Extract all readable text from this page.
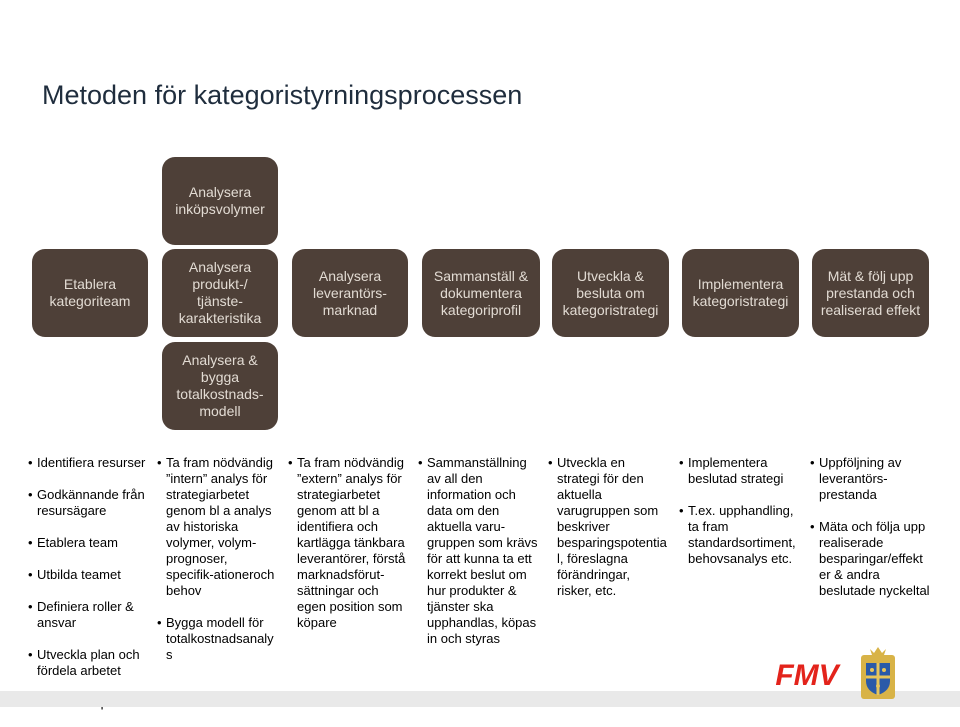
Metoden för kategoristyrningsprocessen
Analysera
inköpsvolymer
Etablera
kategoriteam
Analysera
produkt-/ tjänste-
karakteristika
Analysera
leverantörs-
marknad
Sammanställ &
dokumentera
kategoriprofil
Utveckla &
besluta om
kategoristrategi
Implementera
kategoristrategi
Mät & följ upp
prestanda och
realiserad effekt
Analysera &
bygga
totalkostnads-
modell

• Identifiera resurser

• Godkännande från
resursägare

• Etablera team

• Utbilda teamet

• Definiera roller &
ansvar

• Utveckla plan och
fördela arbetet

•

• Ta fram nödvändig
”intern” analys för
strategiarbetet
genom bl a analys
av historiska
volymer, volym-
prognoser,
specifik-ationeroch
behov

• Bygga modell för
totalkostnadsanaly
s

• Ta fram nödvändig
”extern” analys för
strategiarbetet
genom att bl a
identifiera och
kartlägga tänkbara
leverantörer, förstå
marknadsförut-
sättningar och
egen position som
köpare

• Sammanställning
av all den
information och
data om den
aktuella varu-
gruppen som krävs
för att kunna ta ett
korrekt beslut om
hur produkter &
tjänster ska
upphandlas, köpas
in och styras

• Utveckla en
strategi för den
aktuella
varugruppen som
beskriver
besparingspotentia
l, föreslagna
förändringar,
risker, etc.

• Implementera
beslutad strategi

• T.ex. upphandling,
ta fram
standardsortiment,
behovsanalys etc.

• Uppföljning av
leverantörs-
prestanda

• Mäta och följa upp
realiserade
besparingar/effekt
er & andra
beslutade nyckeltal

FMV
